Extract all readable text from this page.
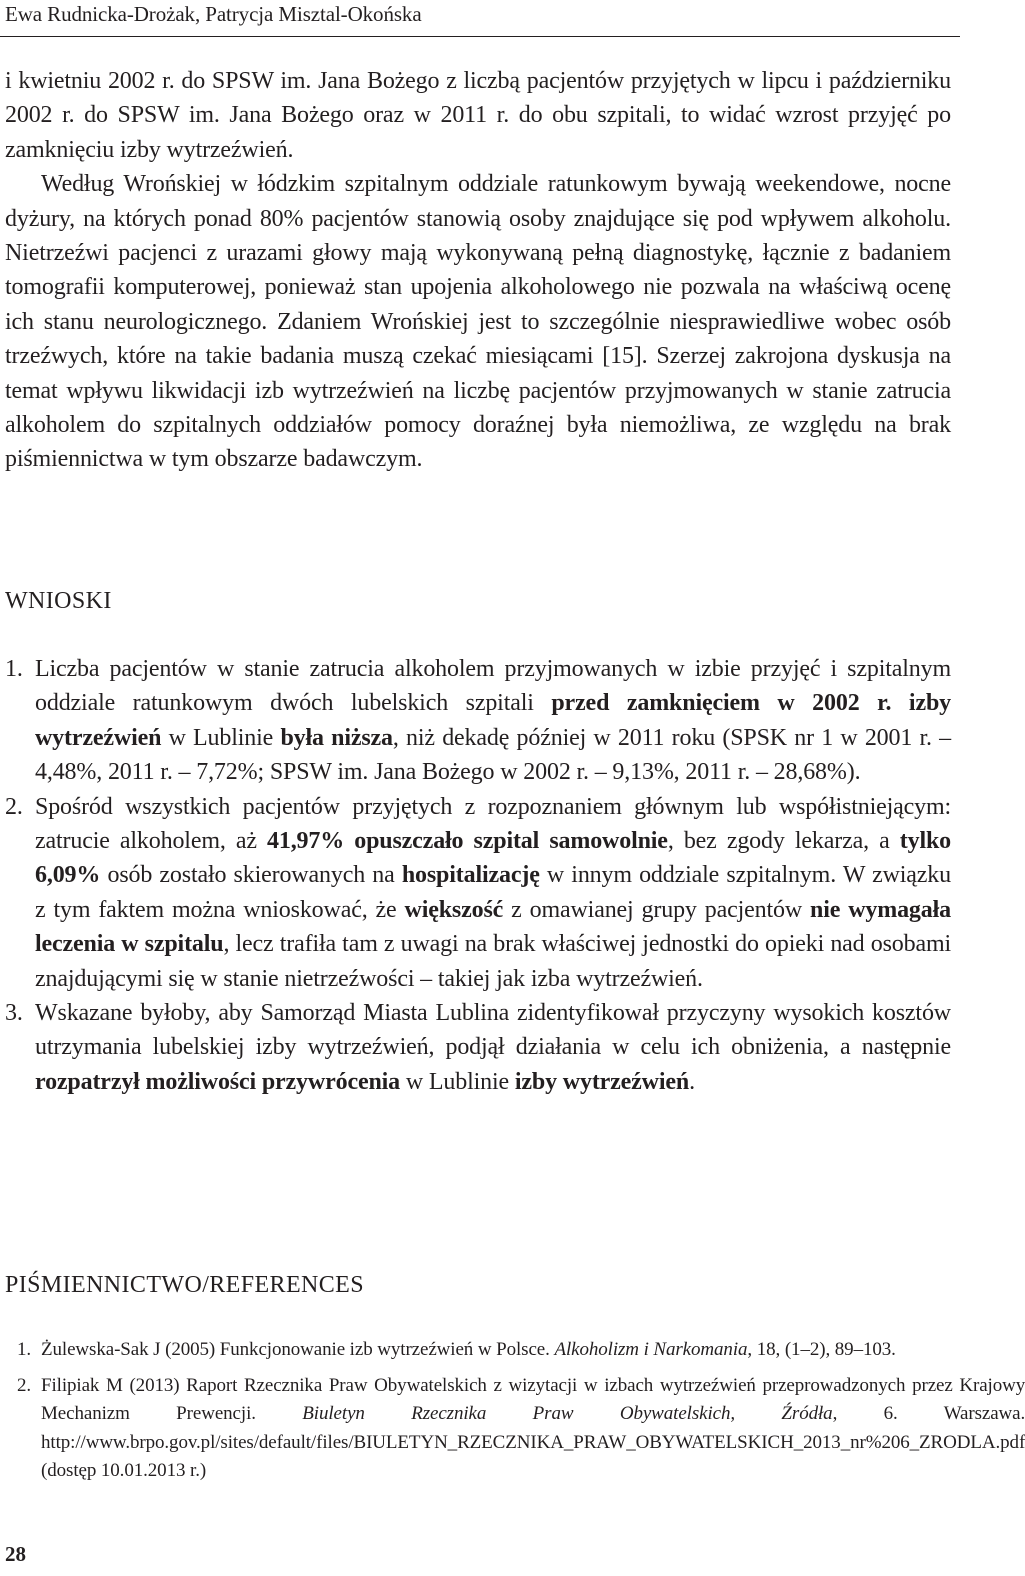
Ewa Rudnicka-Drożak, Patrycja Misztal-Okońska

i kwietniu 2002 r. do SPSW im. Jana Bożego z liczbą pacjentów przyjętych w lipcu i październiku 2002 r. do SPSW im. Jana Bożego oraz w 2011 r. do obu szpitali, to widać wzrost przyjęć po zamknięciu izby wytrzeźwień.

Według Wrońskiej w łódzkim szpitalnym oddziale ratunkowym bywają weekendowe, nocne dyżury, na których ponad 80% pacjentów stanowią osoby znajdujące się pod wpływem alkoholu. Nietrzeźwi pacjenci z urazami głowy mają wykonywaną pełną diagnostykę, łącznie z badaniem tomografii komputerowej, ponieważ stan upojenia alkoholowego nie pozwala na właściwą ocenę ich stanu neurologicznego. Zdaniem Wrońskiej jest to szczególnie niesprawiedliwe wobec osób trzeźwych, które na takie badania muszą czekać miesiącami [15]. Szerzej zakrojona dyskusja na temat wpływu likwidacji izb wytrzeźwień na liczbę pacjentów przyjmowanych w stanie zatrucia alkoholem do szpitalnych oddziałów pomocy doraźnej była niemożliwa, ze względu na brak piśmiennictwa w tym obszarze badawczym.

WNIOSKI
1. Liczba pacjentów w stanie zatrucia alkoholem przyjmowanych w izbie przyjęć i szpitalnym oddziale ratunkowym dwóch lubelskich szpitali przed zamknięciem w 2002 r. izby wytrzeźwień w Lublinie była niższa, niż dekadę później w 2011 roku (SPSK nr 1 w 2001 r. – 4,48%, 2011 r. – 7,72%; SPSW im. Jana Bożego w 2002 r. – 9,13%, 2011 r. – 28,68%).
2. Spośród wszystkich pacjentów przyjętych z rozpoznaniem głównym lub współistniejącym: zatrucie alkoholem, aż 41,97% opuszczało szpital samowolnie, bez zgody lekarza, a tylko 6,09% osób zostało skierowanych na hospitalizację w innym oddziale szpitalnym. W związku z tym faktem można wnioskować, że większość z omawianej grupy pacjentów nie wymagała leczenia w szpitalu, lecz trafiła tam z uwagi na brak właściwej jednostki do opieki nad osobami znajdującymi się w stanie nietrzeźwości – takiej jak izba wytrzeźwień.
3. Wskazane byłoby, aby Samorząd Miasta Lublina zidentyfikował przyczyny wysokich kosztów utrzymania lubelskiej izby wytrzeźwień, podjął działania w celu ich obniżenia, a następnie rozpatrzył możliwości przywrócenia w Lublinie izby wytrzeźwień.
PIŚMIENNICTWO/REFERENCES
1. Żulewska-Sak J (2005) Funkcjonowanie izb wytrzeźwień w Polsce. Alkoholizm i Narkomania, 18, (1–2), 89–103.
2. Filipiak M (2013) Raport Rzecznika Praw Obywatelskich z wizytacji w izbach wytrzeźwień przeprowadzonych przez Krajowy Mechanizm Prewencji. Biuletyn Rzecznika Praw Obywatelskich, Źródła, 6. Warszawa. http://www.brpo.gov.pl/sites/default/files/BIULETYN_RZECZNIKA_PRAW_OBYWATELSKICH_2013_nr%206_ZRODLA.pdf (dostęp 10.01.2013 r.)
28
